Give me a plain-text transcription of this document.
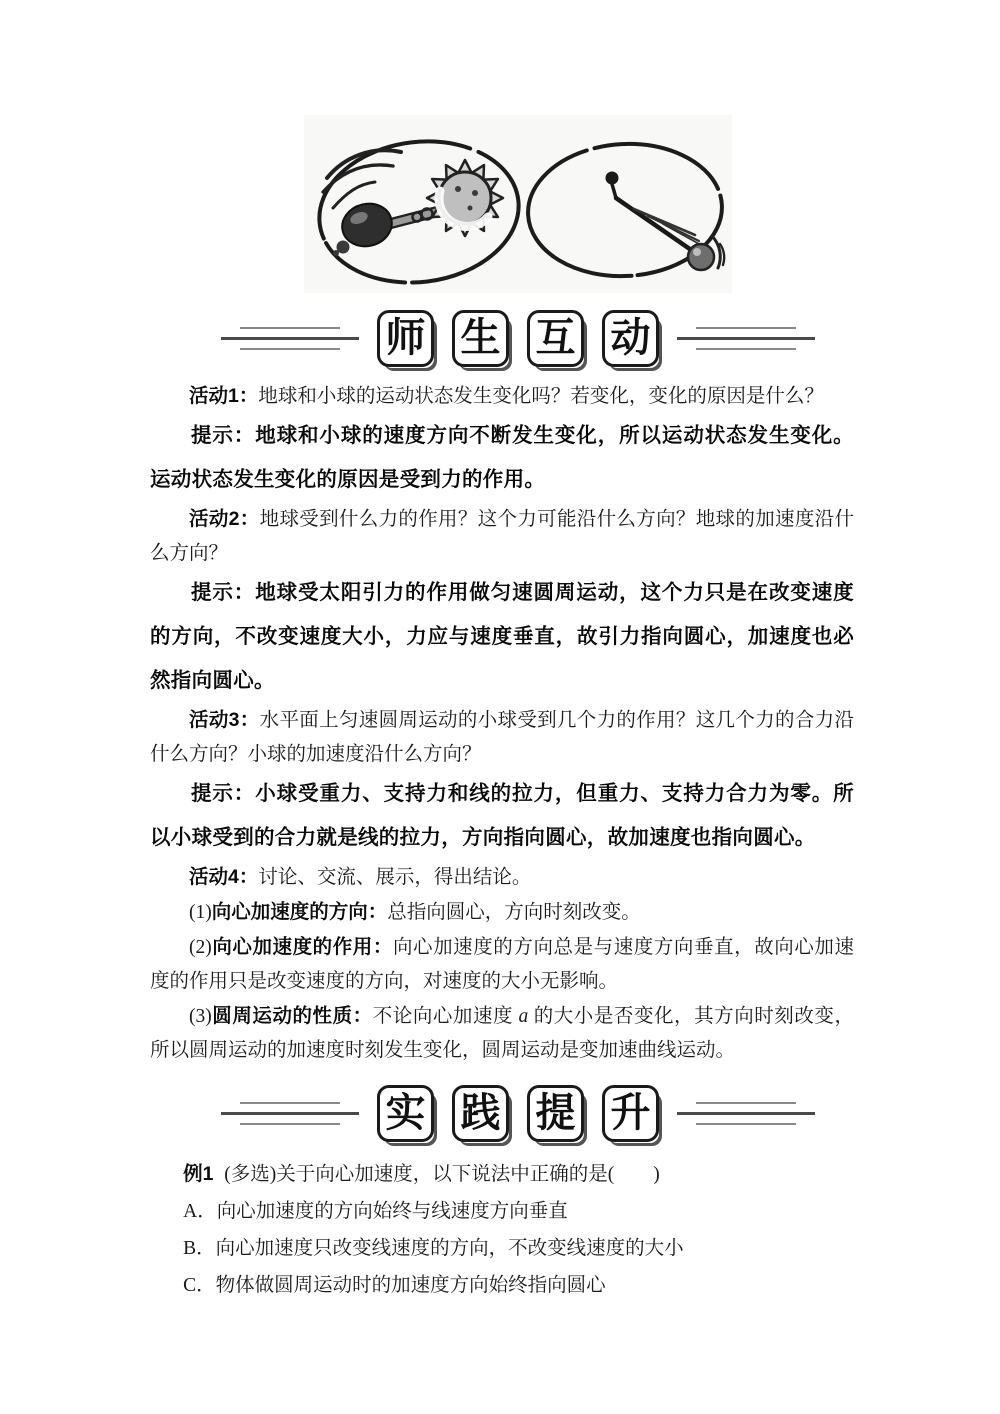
师 生 互 动

活动1：地球和小球的运动状态发生变化吗？若变化，变化的原因是什么？

提示：地球和小球的速度方向不断发生变化，所以运动状态发生变化。运动状态发生变化的原因是受到力的作用。

活动2：地球受到什么力的作用？这个力可能沿什么方向？地球的加速度沿什么方向？

提示：地球受太阳引力的作用做匀速圆周运动，这个力只是在改变速度的方向，不改变速度大小，力应与速度垂直，故引力指向圆心，加速度也必然指向圆心。

活动3：水平面上匀速圆周运动的小球受到几个力的作用？这几个力的合力沿什么方向？小球的加速度沿什么方向？

提示：小球受重力、支持力和线的拉力，但重力、支持力合力为零。所以小球受到的合力就是线的拉力，方向指向圆心，故加速度也指向圆心。

活动4：讨论、交流、展示，得出结论。

(1)向心加速度的方向：总指向圆心，方向时刻改变。

(2)向心加速度的作用：向心加速度的方向总是与速度方向垂直，故向心加速度的作用只是改变速度的方向，对速度的大小无影响。

(3)圆周运动的性质：不论向心加速度 a 的大小是否变化，其方向时刻改变，所以圆周运动的加速度时刻发生变化，圆周运动是变加速曲线运动。

实 践 提 升

例1 (多选)关于向心加速度，以下说法中正确的是(　　)

A．向心加速度的方向始终与线速度方向垂直

B．向心加速度只改变线速度的方向，不改变线速度的大小

C．物体做圆周运动时的加速度方向始终指向圆心
